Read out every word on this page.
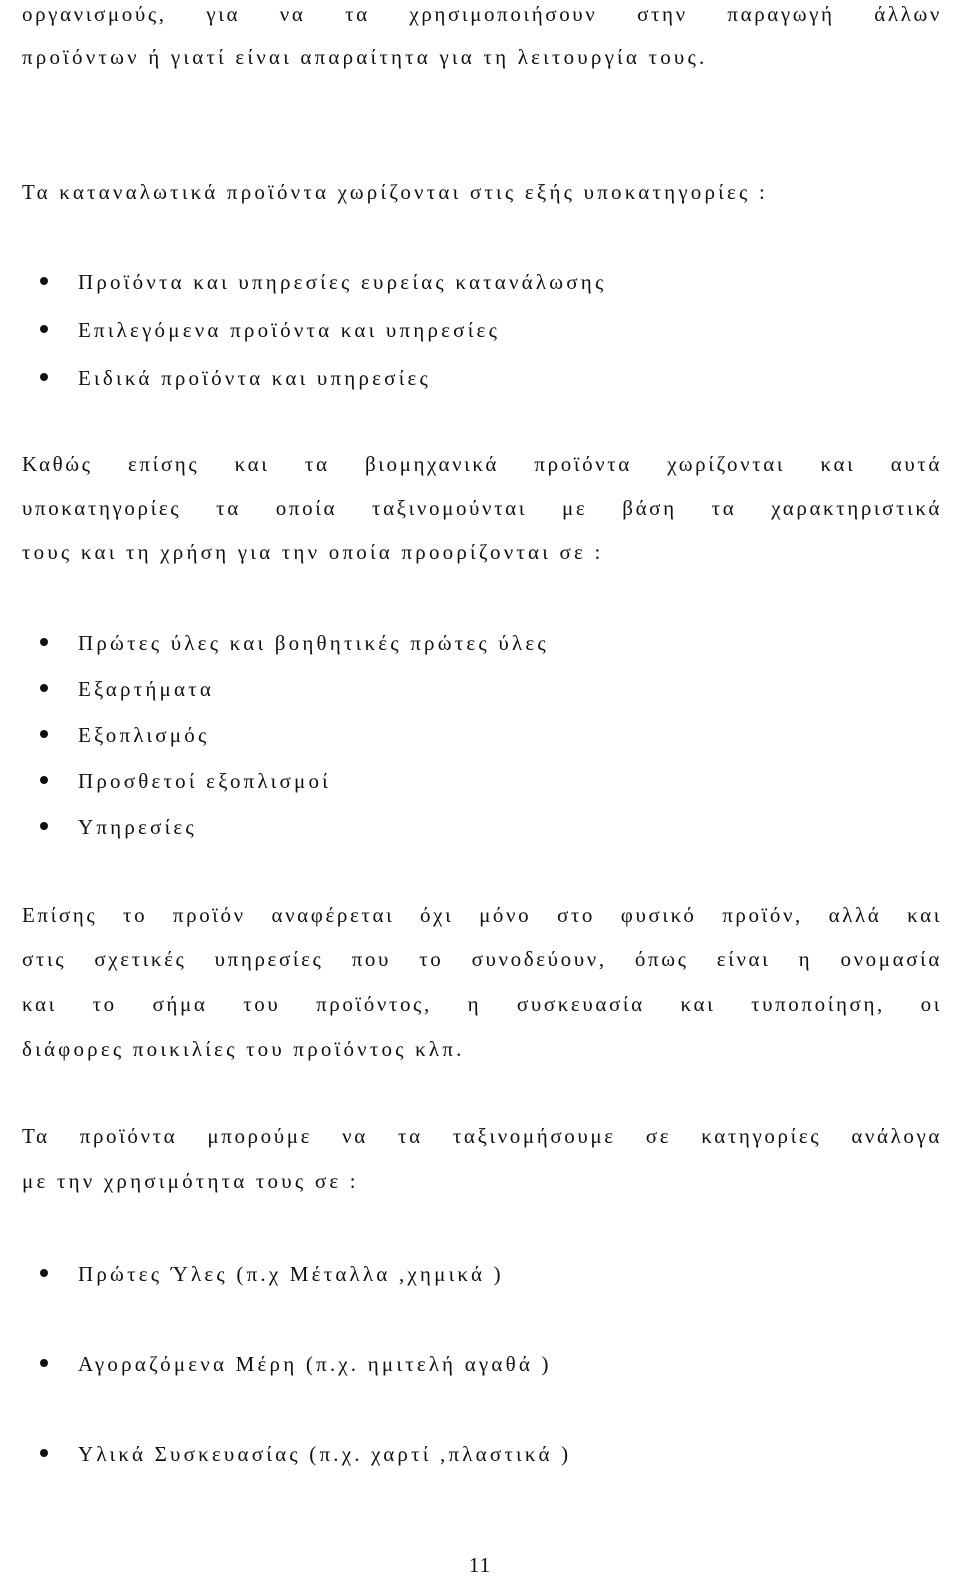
οργανισμούς, για να τα χρησιμοποιήσουν στην παραγωγή άλλων

προϊόντων ή γιατί είναι απαραίτητα για τη λειτουργία τους.

Τα καταναλωτικά προϊόντα χωρίζονται στις εξής υποκατηγορίες :

Προϊόντα και υπηρεσίες ευρείας κατανάλωσης
Επιλεγόμενα προϊόντα και υπηρεσίες
Ειδικά προϊόντα και υπηρεσίες

Καθώς επίσης και τα βιομηχανικά προϊόντα χωρίζονται και αυτά

υποκατηγορίες τα οποία ταξινομούνται με βάση τα χαρακτηριστικά

τους και τη χρήση για την οποία προορίζονται σε :

Πρώτες ύλες και βοηθητικές πρώτες ύλες
Εξαρτήματα
Εξοπλισμός
Προσθετοί εξοπλισμοί
Υπηρεσίες

Επίσης το προϊόν αναφέρεται όχι μόνο στο φυσικό προϊόν, αλλά και

στις σχετικές υπηρεσίες που το συνοδεύουν, όπως είναι η ονομασία

και το σήμα του προϊόντος, η συσκευασία και τυποποίηση, οι

διάφορες ποικιλίες του προϊόντος κλπ.

Τα προϊόντα μπορούμε να τα ταξινομήσουμε σε κατηγορίες ανάλογα

με την χρησιμότητα τους σε :

Πρώτες Ύλες (π.χ Μέταλλα ,χημικά )
Αγοραζόμενα Μέρη (π.χ. ημιτελή αγαθά )
Υλικά Συσκευασίας (π.χ. χαρτί ,πλαστικά )
11
